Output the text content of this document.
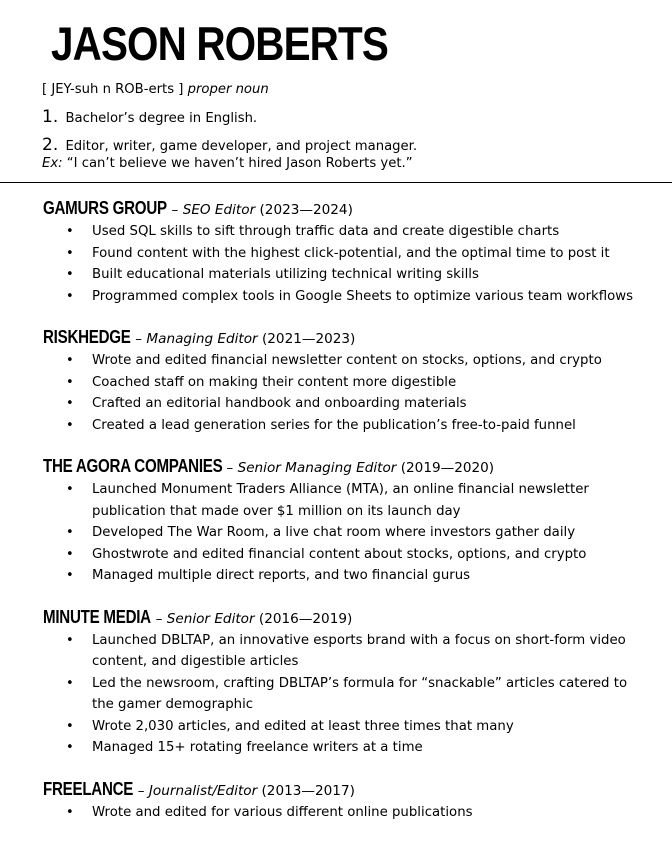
JASON ROBERTS
[ JEY-suh n ROB-erts ] proper noun
1. Bachelor’s degree in English.
2. Editor, writer, game developer, and project manager.
Ex: “I can’t believe we haven’t hired Jason Roberts yet.”
GAMURS GROUP – SEO Editor (2023—2024)
• Used SQL skills to sift through traffic data and create digestible charts
• Found content with the highest click-potential, and the optimal time to post it
• Built educational materials utilizing technical writing skills
• Programmed complex tools in Google Sheets to optimize various team workflows
RISKHEDGE – Managing Editor (2021—2023)
• Wrote and edited financial newsletter content on stocks, options, and crypto
• Coached staff on making their content more digestible
• Crafted an editorial handbook and onboarding materials
• Created a lead generation series for the publication’s free-to-paid funnel
THE AGORA COMPANIES – Senior Managing Editor (2019—2020)
• Launched Monument Traders Alliance (MTA), an online financial newsletter publication that made over $1 million on its launch day
• Developed The War Room, a live chat room where investors gather daily
• Ghostwrote and edited financial content about stocks, options, and crypto
• Managed multiple direct reports, and two financial gurus
MINUTE MEDIA – Senior Editor (2016—2019)
• Launched DBLTAP, an innovative esports brand with a focus on short-form video content, and digestible articles
• Led the newsroom, crafting DBLTAP’s formula for “snackable” articles catered to the gamer demographic
• Wrote 2,030 articles, and edited at least three times that many
• Managed 15+ rotating freelance writers at a time
FREELANCE – Journalist/Editor (2013—2017)
• Wrote and edited for various different online publications
